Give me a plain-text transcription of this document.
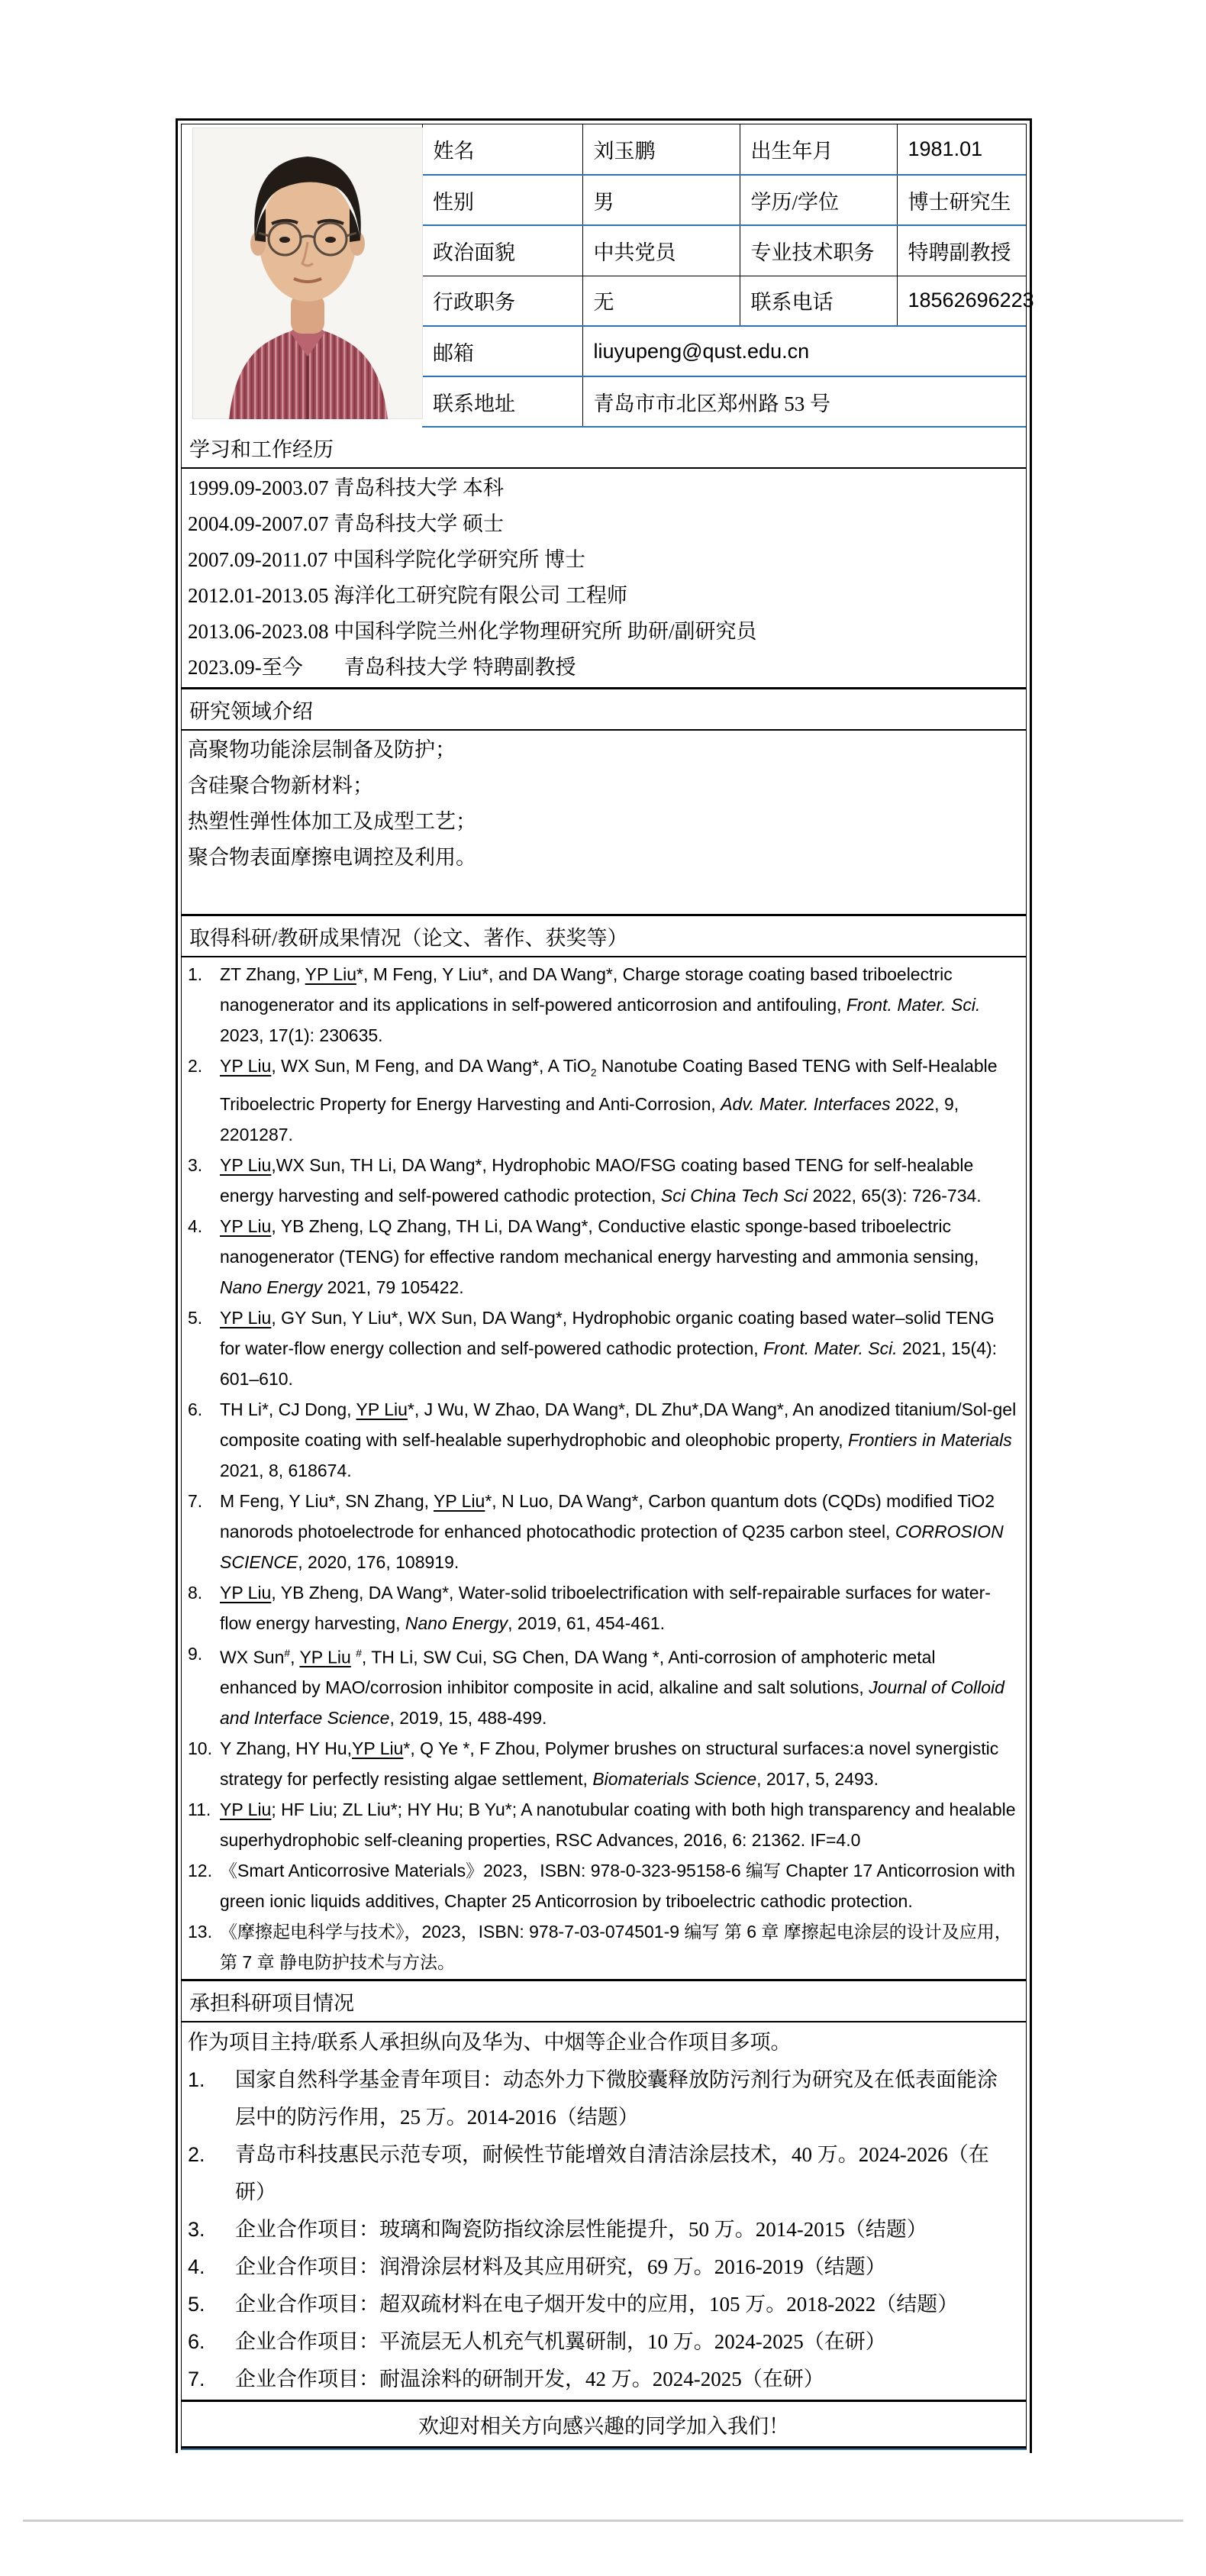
	姓名	刘玉鹏	出生年月	1981.01
	性别	男	学历/学位	博士研究生
	政治面貌	中共党员	专业技术职务	特聘副教授
	行政职务	无	联系电话	18562696223
	邮箱	liuyupeng@qust.edu.cn		
	联系地址	青岛市市北区郑州路 53 号		
学习和工作经历
1999.09-2003.07 青岛科技大学 本科
2004.09-2007.07 青岛科技大学 硕士
2007.09-2011.07 中国科学院化学研究所 博士
2012.01-2013.05 海洋化工研究院有限公司 工程师
2013.06-2023.08 中国科学院兰州化学物理研究所 助研/副研究员
2023.09-至今　　青岛科技大学 特聘副教授
研究领域介绍
高聚物功能涂层制备及防护；
含硅聚合物新材料；
热塑性弹性体加工及成型工艺；
聚合物表面摩擦电调控及利用。
取得科研/教研成果情况（论文、著作、获奖等）
1. ZT Zhang, YP Liu*, M Feng, Y Liu*, and DA Wang*, Charge storage coating based triboelectric nanogenerator and its applications in self-powered anticorrosion and antifouling, Front. Mater. Sci. 2023, 17(1): 230635.
2. YP Liu, WX Sun, M Feng, and DA Wang*, A TiO$_2$ Nanotube Coating Based TENG with Self-Healable Triboelectric Property for Energy Harvesting and Anti-Corrosion, Adv. Mater. Interfaces 2022, 9, 2201287.
3. YP Liu,WX Sun, TH Li, DA Wang*, Hydrophobic MAO/FSG coating based TENG for self-healable energy harvesting and self-powered cathodic protection, Sci China Tech Sci 2022, 65(3): 726-734.
4. YP Liu, YB Zheng, LQ Zhang, TH Li, DA Wang*, Conductive elastic sponge-based triboelectric nanogenerator (TENG) for effective random mechanical energy harvesting and ammonia sensing, Nano Energy 2021, 79 105422.
5. YP Liu, GY Sun, Y Liu*, WX Sun, DA Wang*, Hydrophobic organic coating based water–solid TENG for water-flow energy collection and self-powered cathodic protection, Front. Mater. Sci. 2021, 15(4): 601–610.
6. TH Li*, CJ Dong, YP Liu*, J Wu, W Zhao, DA Wang*, DL Zhu*,DA Wang*, An anodized titanium/Sol-gel composite coating with self-healable superhydrophobic and oleophobic property, Frontiers in Materials 2021, 8, 618674.
7. M Feng, Y Liu*, SN Zhang, YP Liu*, N Luo, DA Wang*, Carbon quantum dots (CQDs) modified TiO2 nanorods photoelectrode for enhanced photocathodic protection of Q235 carbon steel, CORROSION SCIENCE, 2020, 176, 108919.
8. YP Liu, YB Zheng, DA Wang*, Water-solid triboelectrification with self-repairable surfaces for water-flow energy harvesting, Nano Energy, 2019, 61, 454-461.
9. WX Sun#, YP Liu #, TH Li, SW Cui, SG Chen, DA Wang *, Anti-corrosion of amphoteric metal enhanced by MAO/corrosion inhibitor composite in acid, alkaline and salt solutions, Journal of Colloid and Interface Science, 2019, 15, 488-499.
10. Y Zhang, HY Hu,YP Liu*, Q Ye *, F Zhou, Polymer brushes on structural surfaces:a novel synergistic strategy for perfectly resisting algae settlement, Biomaterials Science, 2017, 5, 2493.
11. YP Liu; HF Liu; ZL Liu*; HY Hu; B Yu*; A nanotubular coating with both high transparency and healable superhydrophobic self-cleaning properties, RSC Advances, 2016, 6: 21362. IF=4.0
12. 《Smart Anticorrosive Materials》2023，ISBN: 978-0-323-95158-6 编写 Chapter 17 Anticorrosion with green ionic liquids additives, Chapter 25 Anticorrosion by triboelectric cathodic protection.
13. 《摩擦起电科学与技术》，2023，ISBN: 978-7-03-074501-9 编写 第 6 章 摩擦起电涂层的设计及应用，第 7 章 静电防护技术与方法。
承担科研项目情况
作为项目主持/联系人承担纵向及华为、中烟等企业合作项目多项。
1.	国家自然科学基金青年项目：动态外力下微胶囊释放防污剂行为研究及在低表面能涂层中的防污作用，25 万。2014-2016（结题）
2.	青岛市科技惠民示范专项，耐候性节能增效自清洁涂层技术，40 万。2024-2026（在研）
3.	企业合作项目：玻璃和陶瓷防指纹涂层性能提升，50 万。2014-2015（结题）
4.	企业合作项目：润滑涂层材料及其应用研究，69 万。2016-2019（结题）
5.	企业合作项目：超双疏材料在电子烟开发中的应用，105 万。2018-2022（结题）
6.	企业合作项目：平流层无人机充气机翼研制，10 万。2024-2025（在研）
7.	企业合作项目：耐温涂料的研制开发，42 万。2024-2025（在研）
欢迎对相关方向感兴趣的同学加入我们！
